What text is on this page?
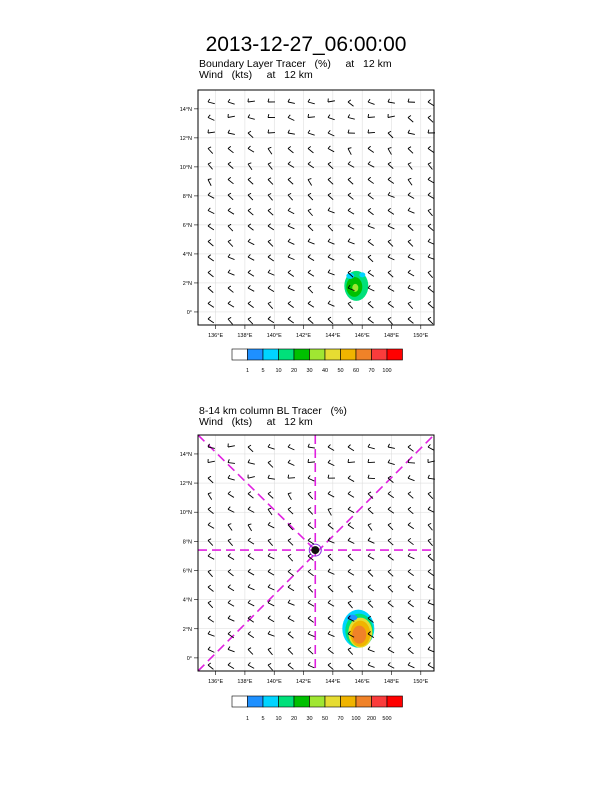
2013-12-27_06:00:00
Boundary Layer Tracer   (%)     at   12 km
Wind   (kts)     at   12 km
8-14 km column BL Tracer   (%)
Wind   (kts)     at   12 km
136°E	138°E	140°E	142°E	144°E	146°E	148°E	150°E
0°
2°N
4°N
6°N
8°N
10°N
12°N
14°N
1 5 10 20 30 40 50 60 70 100
136°E	138°E	140°E	142°E	144°E	146°E	148°E	150°E
0°
2°N
4°N
6°N
8°N
10°N
12°N
14°N
1 5 10 20 30 50 70 100 200 500
